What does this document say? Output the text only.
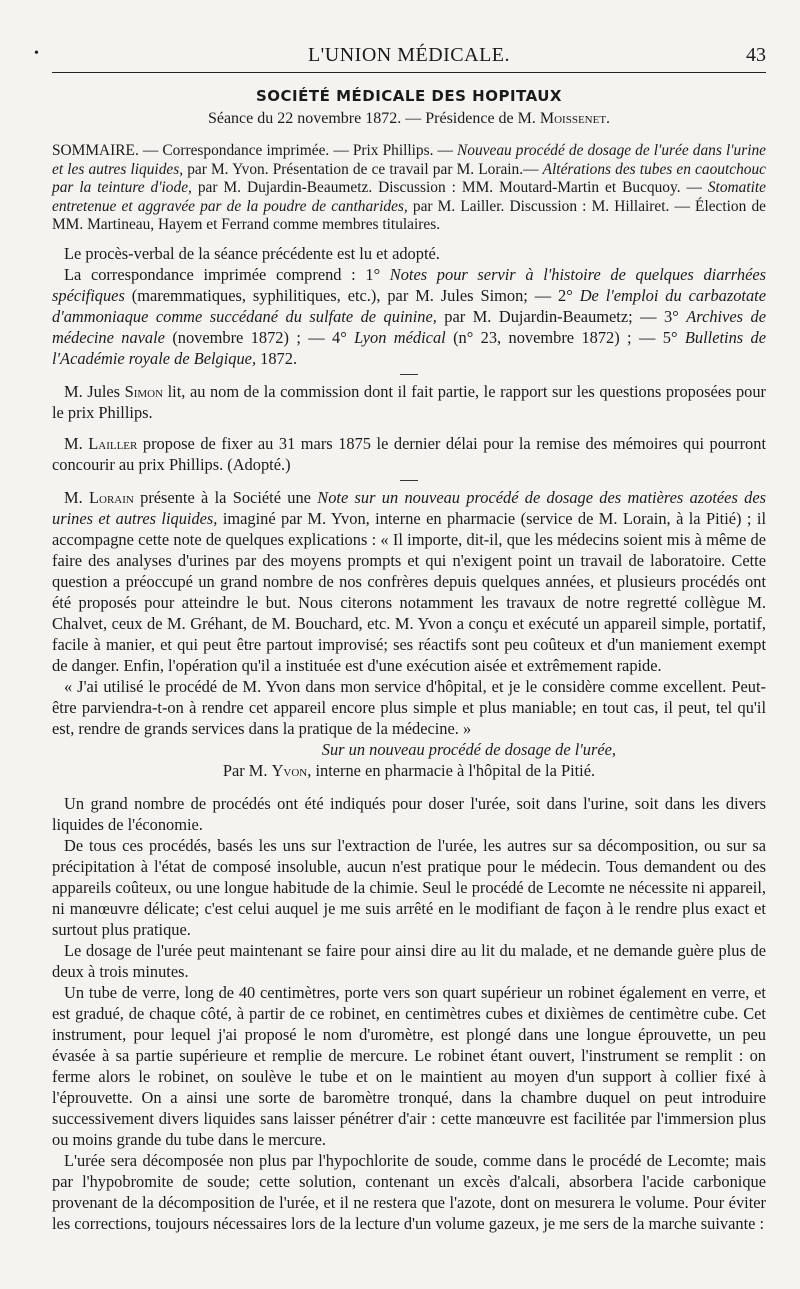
•	L'UNION MÉDICALE.	43
SOCIÉTÉ MÉDICALE DES HOPITAUX
Séance du 22 novembre 1872. — Présidence de M. Moissenet.

SOMMAIRE. — Correspondance imprimée. — Prix Phillips. — Nouveau procédé de dosage de l'urée dans l'urine et les autres liquides, par M. Yvon. Présentation de ce travail par M. Lorain.— Altérations des tubes en caoutchouc par la teinture d'iode, par M. Dujardin-Beaumetz. Discussion : MM. Moutard-Martin et Bucquoy. — Stomatite entretenue et aggravée par de la poudre de cantharides, par M. Lailler. Discussion : M. Hillairet. — Élection de MM. Martineau, Hayem et Ferrand comme membres titulaires.

Le procès-verbal de la séance précédente est lu et adopté.

La correspondance imprimée comprend : 1° Notes pour servir à l'histoire de quelques diarrhées spécifiques (maremmatiques, syphilitiques, etc.), par M. Jules Simon; — 2° De l'emploi du carbazotate d'ammoniaque comme succédané du sulfate de quinine, par M. Dujardin-Beaumetz; — 3° Archives de médecine navale (novembre 1872) ; — 4° Lyon médical (n° 23, novembre 1872) ; — 5° Bulletins de l'Académie royale de Belgique, 1872.

M. Jules Simon lit, au nom de la commission dont il fait partie, le rapport sur les questions proposées pour le prix Phillips.

M. Lailler propose de fixer au 31 mars 1875 le dernier délai pour la remise des mémoires qui pourront concourir au prix Phillips. (Adopté.)

M. Lorain présente à la Société une Note sur un nouveau procédé de dosage des matières azotées des urines et autres liquides, imaginé par M. Yvon, interne en pharmacie (service de M. Lorain, à la Pitié) ; il accompagne cette note de quelques explications : « Il importe, dit-il, que les médecins soient mis à même de faire des analyses d'urines par des moyens prompts et qui n'exigent point un travail de laboratoire. Cette question a préoccupé un grand nombre de nos confrères depuis quelques années, et plusieurs procédés ont été proposés pour atteindre le but. Nous citerons notamment les travaux de notre regretté collègue M. Chalvet, ceux de M. Gréhant, de M. Bouchard, etc. M. Yvon a conçu et exécuté un appareil simple, portatif, facile à manier, et qui peut être partout improvisé; ses réactifs sont peu coûteux et d'un maniement exempt de danger. Enfin, l'opération qu'il a instituée est d'une exécution aisée et extrêmement rapide.

« J'ai utilisé le procédé de M. Yvon dans mon service d'hôpital, et je le considère comme excellent. Peut-être parviendra-t-on à rendre cet appareil encore plus simple et plus maniable; en tout cas, il peut, tel qu'il est, rendre de grands services dans la pratique de la médecine. »

Sur un nouveau procédé de dosage de l'urée,
Par M. Yvon, interne en pharmacie à l'hôpital de la Pitié.

Un grand nombre de procédés ont été indiqués pour doser l'urée, soit dans l'urine, soit dans les divers liquides de l'économie.

De tous ces procédés, basés les uns sur l'extraction de l'urée, les autres sur sa décomposition, ou sur sa précipitation à l'état de composé insoluble, aucun n'est pratique pour le médecin. Tous demandent ou des appareils coûteux, ou une longue habitude de la chimie. Seul le procédé de Lecomte ne nécessite ni appareil, ni manœuvre délicate; c'est celui auquel je me suis arrêté en le modifiant de façon à le rendre plus exact et surtout plus pratique.

Le dosage de l'urée peut maintenant se faire pour ainsi dire au lit du malade, et ne demande guère plus de deux à trois minutes.

Un tube de verre, long de 40 centimètres, porte vers son quart supérieur un robinet également en verre, et est gradué, de chaque côté, à partir de ce robinet, en centimètres cubes et dixièmes de centimètre cube. Cet instrument, pour lequel j'ai proposé le nom d'uromètre, est plongé dans une longue éprouvette, un peu évasée à sa partie supérieure et remplie de mercure. Le robinet étant ouvert, l'instrument se remplit : on ferme alors le robinet, on soulève le tube et on le maintient au moyen d'un support à collier fixé à l'éprouvette. On a ainsi une sorte de baromètre tronqué, dans la chambre duquel on peut introduire successivement divers liquides sans laisser pénétrer d'air : cette manœuvre est facilitée par l'immersion plus ou moins grande du tube dans le mercure.

L'urée sera décomposée non plus par l'hypochlorite de soude, comme dans le procédé de Lecomte; mais par l'hypobromite de soude; cette solution, contenant un excès d'alcali, absorbera l'acide carbonique provenant de la décomposition de l'urée, et il ne restera que l'azote, dont on mesurera le volume. Pour éviter les corrections, toujours nécessaires lors de la lecture d'un volume gazeux, je me sers de la marche suivante :
